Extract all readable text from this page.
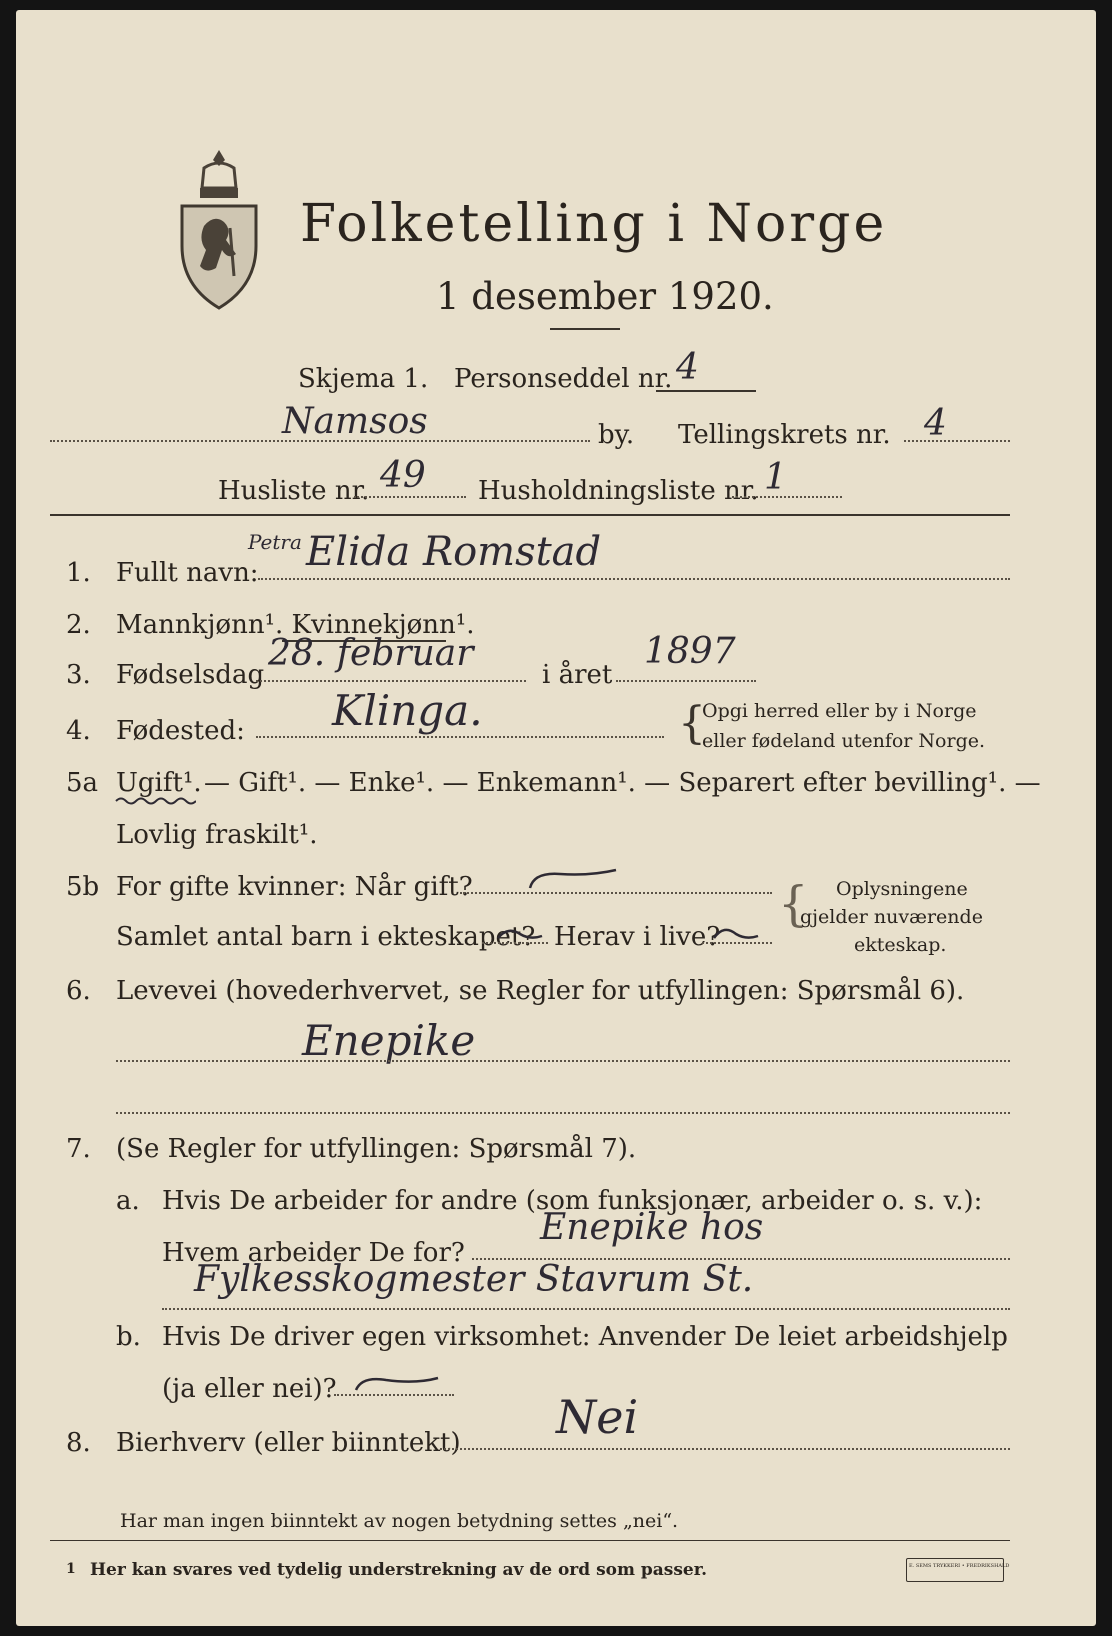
Folketelling i Norge
1 desember 1920.
Skjema 1. Personseddel nr. 4
Namsos	by. Tellingskrets nr. 4
Husliste nr. 49 Husholdningsliste nr. 1
1. Fullt navn:
Petra Elida Romstad
2. Mannkjønn¹. Kvinnekjønn¹.
3. Fødselsdag
28. februar
i året
1897
4. Fødested: Klinga.	{
Opgi herred eller by i Norge
eller fødeland utenfor Norge.
5a Ugift¹. — Gift¹. — Enke¹. — Enkemann¹. — Separert efter bevilling¹. —
Lovlig fraskilt¹.
5b For gifte kvinner: Når gift?
Samlet antal barn i ekteskapet? Herav i live?
{ Oplysningene
gjelder nuværende
ekteskap.
6. Levevei (hovederhvervet, se Regler for utfyllingen: Spørsmål 6).
Enepike
7. (Se Regler for utfyllingen: Spørsmål 7).
a. Hvis De arbeider for andre (som funksjonær, arbeider o. s. v.):
Hvem arbeider De for?
Enepike hos
Fylkesskogmester Stavrum St.
b. Hvis De driver egen virksomhet: Anvender De leiet arbeidshjelp
(ja eller nei)?
8. Bierhverv (eller biinntekt) Nei
Har man ingen biinntekt av nogen betydning settes „nei“.
1 Her kan svares ved tydelig understrekning av de ord som passer.	E. SEMS TRYKKERI • FREDRIKSHALD
